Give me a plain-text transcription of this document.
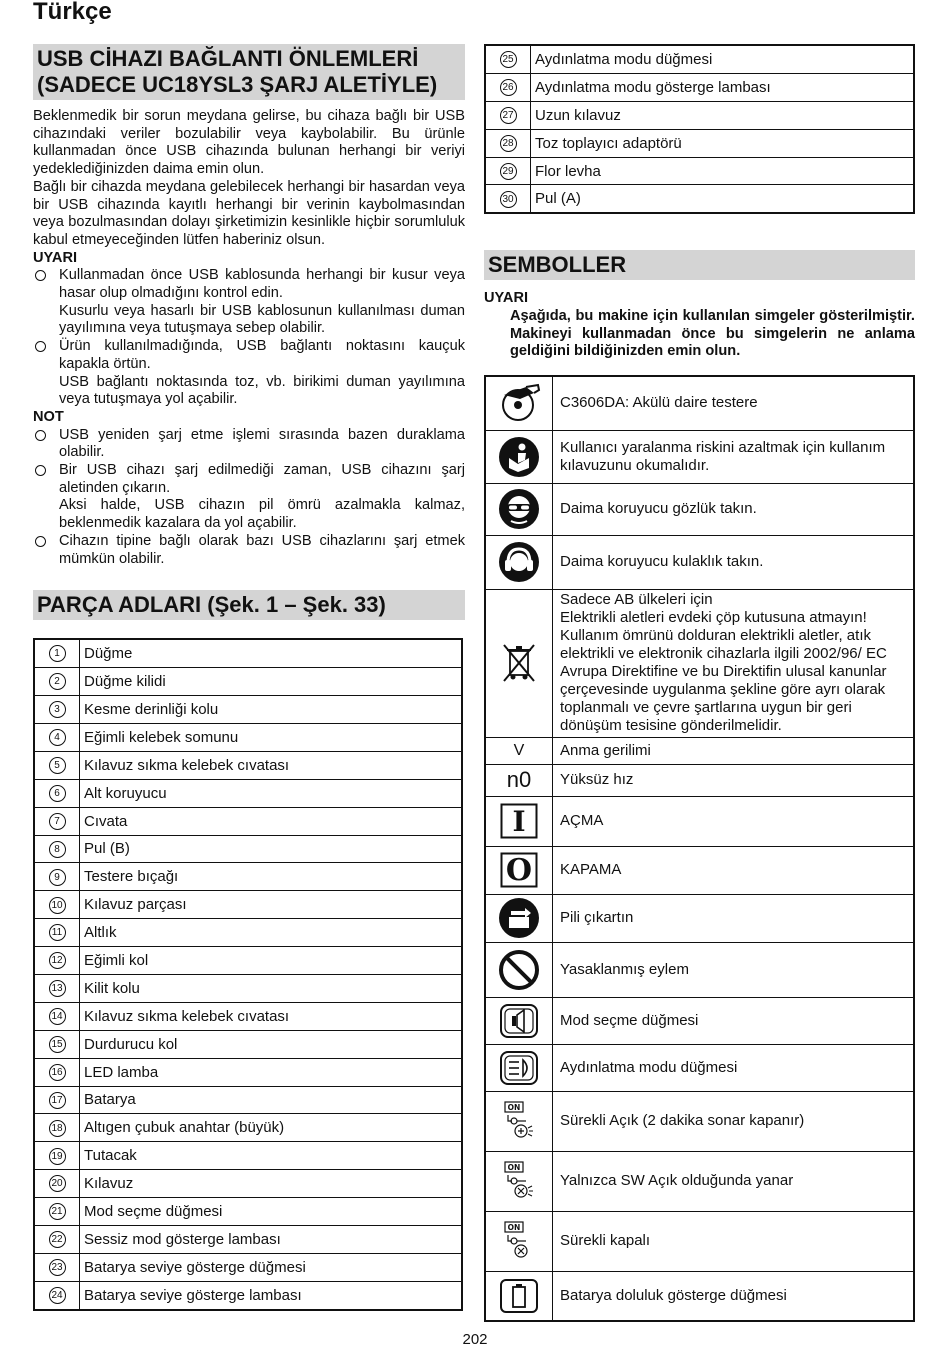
Türkçe
USB CİHAZI BAĞLANTI ÖNLEMLERİ
(SADECE UC18YSL3 ŞARJ ALETİYLE)
Beklenmedik bir sorun meydana gelirse, bu cihaza bağlı bir USB cihazındaki veriler bozulabilir veya kaybolabilir. Bu ürünle kullanmadan önce USB cihazında bulunan herhangi bir veriyi yedeklediğinizden daima emin olun.
Bağlı bir cihazda meydana gelebilecek herhangi bir hasardan veya bir USB cihazında kayıtlı herhangi bir verinin kaybolmasından veya bozulmasından dolayı şirketimizin kesinlikle hiçbir sorumluluk kabul etmeyeceğinden lütfen haberiniz olsun.
UYARI
Kullanmadan önce USB kablosunda herhangi bir kusur veya hasar olup olmadığını kontrol edin.
Kusurlu veya hasarlı bir USB kablosunun kullanılması duman yayılımına veya tutuşmaya sebep olabilir.
Ürün kullanılmadığında, USB bağlantı noktasını kauçuk kapakla örtün.
USB bağlantı noktasında toz, vb. birikimi duman yayılımına veya tutuşmaya yol açabilir.
NOT
USB yeniden şarj etme işlemi sırasında bazen duraklama olabilir.
Bir USB cihazı şarj edilmediği zaman, USB cihazını şarj aletinden çıkarın.
Aksi halde, USB cihazın pil ömrü azalmakla kalmaz, beklenmedik kazalara da yol açabilir.
Cihazın tipine bağlı olarak bazı USB cihazlarını şarj etmek mümkün olabilir.
PARÇA ADLARI (Şek. 1 – Şek. 33)
1	Düğme
2	Düğme kilidi
3	Kesme derinliği kolu
4	Eğimli kelebek somunu
5	Kılavuz sıkma kelebek cıvatası
6	Alt koruyucu
7	Cıvata
8	Pul (B)
9	Testere bıçağı
10	Kılavuz parçası
11	Altlık
12	Eğimli kol
13	Kilit kolu
14	Kılavuz sıkma kelebek cıvatası
15	Durdurucu kol
16	LED lamba
17	Batarya
18	Altıgen çubuk anahtar (büyük)
19	Tutacak
20	Kılavuz
21	Mod seçme düğmesi
22	Sessiz mod gösterge lambası
23	Batarya seviye gösterge düğmesi
24	Batarya seviye gösterge lambası
25	Aydınlatma modu düğmesi
26	Aydınlatma modu gösterge lambası
27	Uzun kılavuz
28	Toz toplayıcı adaptörü
29	Flor levha
30	Pul (A)
SEMBOLLER
UYARI
Aşağıda, bu makine için kullanılan simgeler gösterilmiştir. Makineyi kullanmadan önce bu simgelerin ne anlama geldiğini bildiğinizden emin olun.
	C3606DA: Akülü daire testere

	Kullanıcı yaralanma riskini azaltmak için kullanım kılavuzunu okumalıdır.

	Daima koruyucu gözlük takın.

	Daima koruyucu kulaklık takın.

	Sadece AB ülkeleri için
Elektrikli aletleri evdeki çöp kutusuna atmayın!
Kullanım ömrünü dolduran elektrikli aletler, atık elektrikli ve elektronik cihazlarla ilgili 2002/96/ EC Avrupa Direktifine ve bu Direktifin ulusal kanunlar çerçevesinde uygulanma şekline göre ayrı olarak toplanmalı ve çevre şartlarına uygun bir geri dönüşüm tesisine gönderilmelidir.

V	Anma gerilimi

n0	Yüksüz hız

I	AÇMA

O	KAPAMA

	Pili çıkartın

	Yasaklanmış eylem

	Mod seçme düğmesi

	Aydınlatma modu düğmesi

ON	Sürekli Açık (2 dakika sonar kapanır)

ON	Yalnızca SW Açık olduğunda yanar

ON	Sürekli kapalı

	Batarya doluluk gösterge düğmesi
202
